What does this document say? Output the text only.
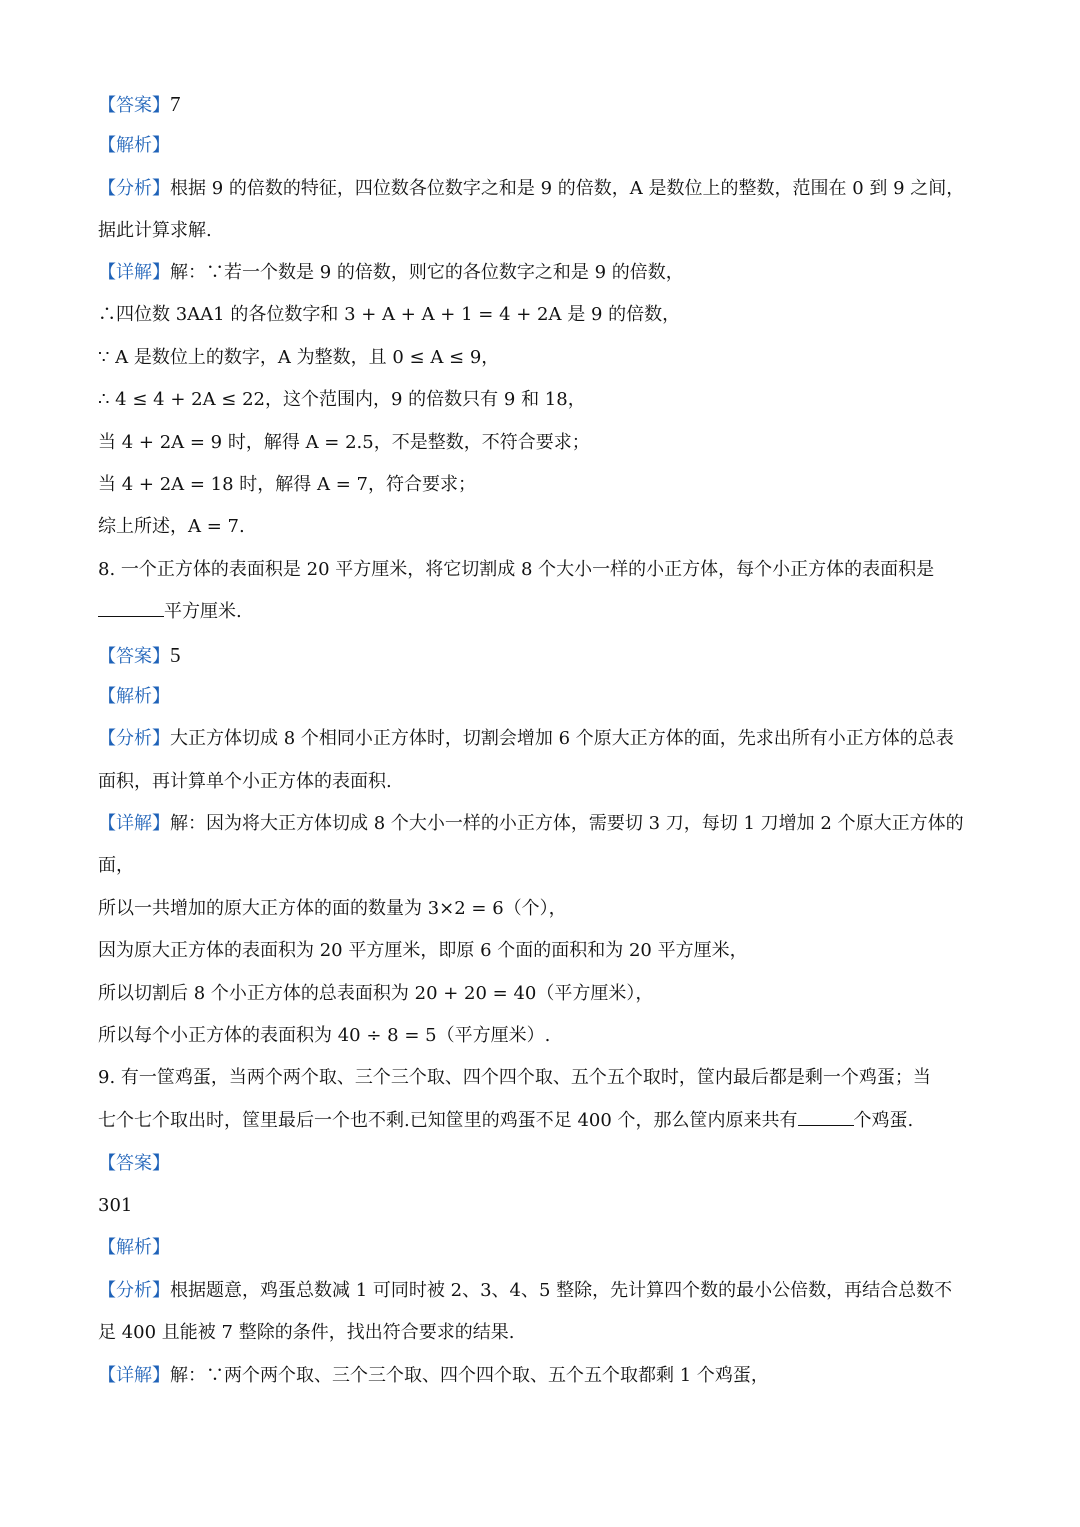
【答案】7
【解析】
【分析】根据 9 的倍数的特征，四位数各位数字之和是 9 的倍数，A 是数位上的整数，范围在 0 到 9 之间，
据此计算求解.
【详解】解：∵若一个数是 9 的倍数，则它的各位数字之和是 9 的倍数，
∴四位数 3AA1 的各位数字和 3 + A + A + 1 = 4 + 2A 是 9 的倍数，
∵ A 是数位上的数字，A 为整数，且 0 ≤ A ≤ 9，
∴ 4 ≤ 4 + 2A ≤ 22，这个范围内，9 的倍数只有 9 和 18，
当 4 + 2A = 9 时，解得 A = 2.5，不是整数，不符合要求；
当 4 + 2A = 18 时，解得 A = 7，符合要求；
综上所述，A = 7.
8. 一个正方体的表面积是 20 平方厘米，将它切割成 8 个大小一样的小正方体，每个小正方体的表面积是
平方厘米.
【答案】5
【解析】
【分析】大正方体切成 8 个相同小正方体时，切割会增加 6 个原大正方体的面，先求出所有小正方体的总表
面积，再计算单个小正方体的表面积.
【详解】解：因为将大正方体切成 8 个大小一样的小正方体，需要切 3 刀，每切 1 刀增加 2 个原大正方体的
面，
所以一共增加的原大正方体的面的数量为 3×2 = 6（个），
因为原大正方体的表面积为 20 平方厘米，即原 6 个面的面积和为 20 平方厘米，
所以切割后 8 个小正方体的总表面积为 20 + 20 = 40（平方厘米），
所以每个小正方体的表面积为 40 ÷ 8 = 5（平方厘米）.
9. 有一筐鸡蛋，当两个两个取、三个三个取、四个四个取、五个五个取时，筐内最后都是剩一个鸡蛋；当
七个七个取出时，筐里最后一个也不剩.已知筐里的鸡蛋不足 400 个，那么筐内原来共有	个鸡蛋.
【答案】
301
【解析】
【分析】根据题意，鸡蛋总数减 1 可同时被 2、3、4、5 整除，先计算四个数的最小公倍数，再结合总数不
足 400 且能被 7 整除的条件，找出符合要求的结果.
【详解】解：∵两个两个取、三个三个取、四个四个取、五个五个取都剩 1 个鸡蛋，
